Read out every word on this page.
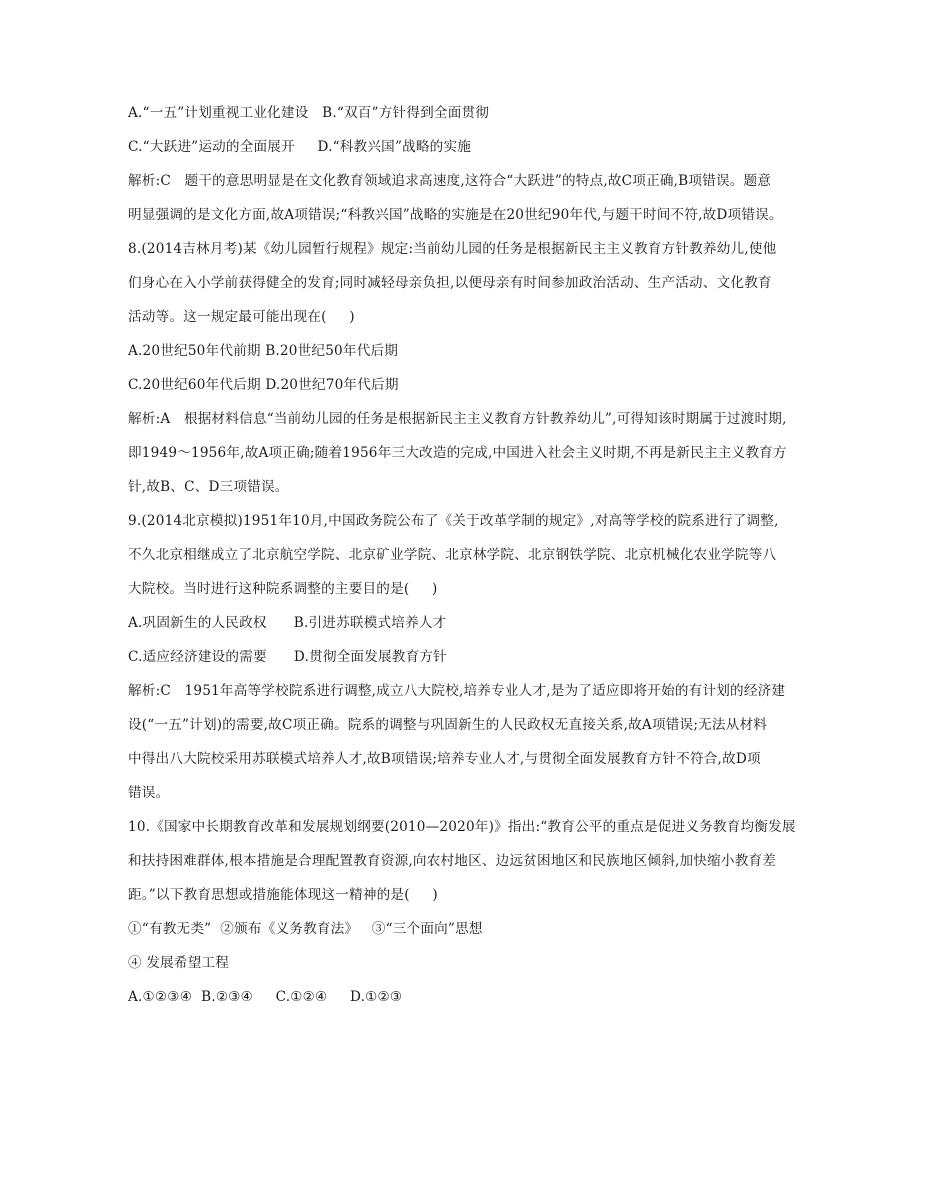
A.“一五”计划重视工业化建设   B.“双百”方针得到全面贯彻
C.“大跃进”运动的全面展开     D.“科教兴国”战略的实施
解析:C   题干的意思明显是在文化教育领域追求高速度,这符合“大跃进”的特点,故C项正确,B项错误。题意
明显强调的是文化方面,故A项错误;“科教兴国”战略的实施是在20世纪90年代,与题干时间不符,故D项错误。
8.(2014吉林月考)某《幼儿园暂行规程》规定:当前幼儿园的任务是根据新民主主义教育方针教养幼儿,使他
们身心在入小学前获得健全的发育;同时减轻母亲负担,以便母亲有时间参加政治活动、生产活动、文化教育
活动等。这一规定最可能出现在(     )
A.20世纪50年代前期 B.20世纪50年代后期
C.20世纪60年代后期 D.20世纪70年代后期
解析:A   根据材料信息“当前幼儿园的任务是根据新民主主义教育方针教养幼儿”,可得知该时期属于过渡时期,
即1949～1956年,故A项正确;随着1956年三大改造的完成,中国进入社会主义时期,不再是新民主主义教育方
针,故B、C、D三项错误。
9.(2014北京模拟)1951年10月,中国政务院公布了《关于改革学制的规定》,对高等学校的院系进行了调整,
不久北京相继成立了北京航空学院、北京矿业学院、北京林学院、北京钢铁学院、北京机械化农业学院等八
大院校。当时进行这种院系调整的主要目的是(     )
A.巩固新生的人民政权      B.引进苏联模式培养人才
C.适应经济建设的需要      D.贯彻全面发展教育方针
解析:C   1951年高等学校院系进行调整,成立八大院校,培养专业人才,是为了适应即将开始的有计划的经济建
设(“一五”计划)的需要,故C项正确。院系的调整与巩固新生的人民政权无直接关系,故A项错误;无法从材料
中得出八大院校采用苏联模式培养人才,故B项错误;培养专业人才,与贯彻全面发展教育方针不符合,故D项
错误。
10.《国家中长期教育改革和发展规划纲要(2010—2020年)》指出:“教育公平的重点是促进义务教育均衡发展
和扶持困难群体,根本措施是合理配置教育资源,向农村地区、边远贫困地区和民族地区倾斜,加快缩小教育差
距。”以下教育思想或措施能体现这一精神的是(     )
①“有教无类”  ②颁布《义务教育法》   ③“三个面向”思想
④ 发展希望工程
A.①②③④  B.②③④     C.①②④     D.①②③
